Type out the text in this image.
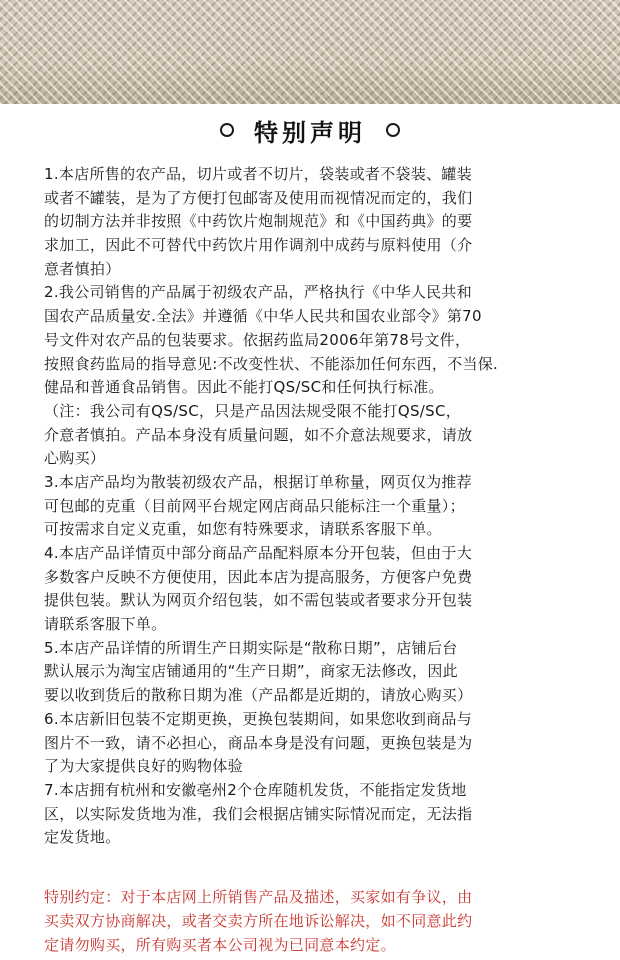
特别声明
1.本店所售的农产品，切片或者不切片，袋装或者不袋装、罐装
或者不罐装，是为了方便打包邮寄及使用而视情况而定的，我们
的切制方法并非按照《中药饮片炮制规范》和《中国药典》的要
求加工，因此不可替代中药饮片用作调剂中成药与原料使用（介
意者慎拍）
2.我公司销售的产品属于初级农产品，严格执行《中华人民共和
国农产品质量安.全法》并遵循《中华人民共和国农业部令》第70
号文件对农产品的包装要求。依据药监局2006年第78号文件，
按照食药监局的指导意见:不改变性状、不能添加任何东西，不当保.
健品和普通食品销售。因此不能打QS/SC和任何执行标准。
（注：我公司有QS/SC，只是产品因法规受限不能打QS/SC，
介意者慎拍。产品本身没有质量问题，如不介意法规要求，请放
心购买）
3.本店产品均为散装初级农产品，根据订单称量，网页仅为推荐
可包邮的克重（目前网平台规定网店商品只能标注一个重量）；
可按需求自定义克重，如您有特殊要求，请联系客服下单。
4.本店产品详情页中部分商品产品配料原本分开包装，但由于大
多数客户反映不方便使用，因此本店为提高服务，方便客户免费
提供包装。默认为网页介绍包装，如不需包装或者要求分开包装
请联系客服下单。
5.本店产品详情的所谓生产日期实际是“散称日期”，店铺后台
默认展示为淘宝店铺通用的“生产日期”，商家无法修改，因此
要以收到货后的散称日期为准（产品都是近期的，请放心购买）
6.本店新旧包装不定期更换，更换包装期间，如果您收到商品与
图片不一致，请不必担心，商品本身是没有问题，更换包装是为
了为大家提供良好的购物体验
7.本店拥有杭州和安徽亳州2个仓库随机发货，不能指定发货地
区，以实际发货地为准，我们会根据店铺实际情况而定，无法指
定发货地。
特别约定：对于本店网上所销售产品及描述，买家如有争议，由
买卖双方协商解决，或者交卖方所在地诉讼解决，如不同意此约
定请勿购买，所有购买者本公司视为已同意本约定。
